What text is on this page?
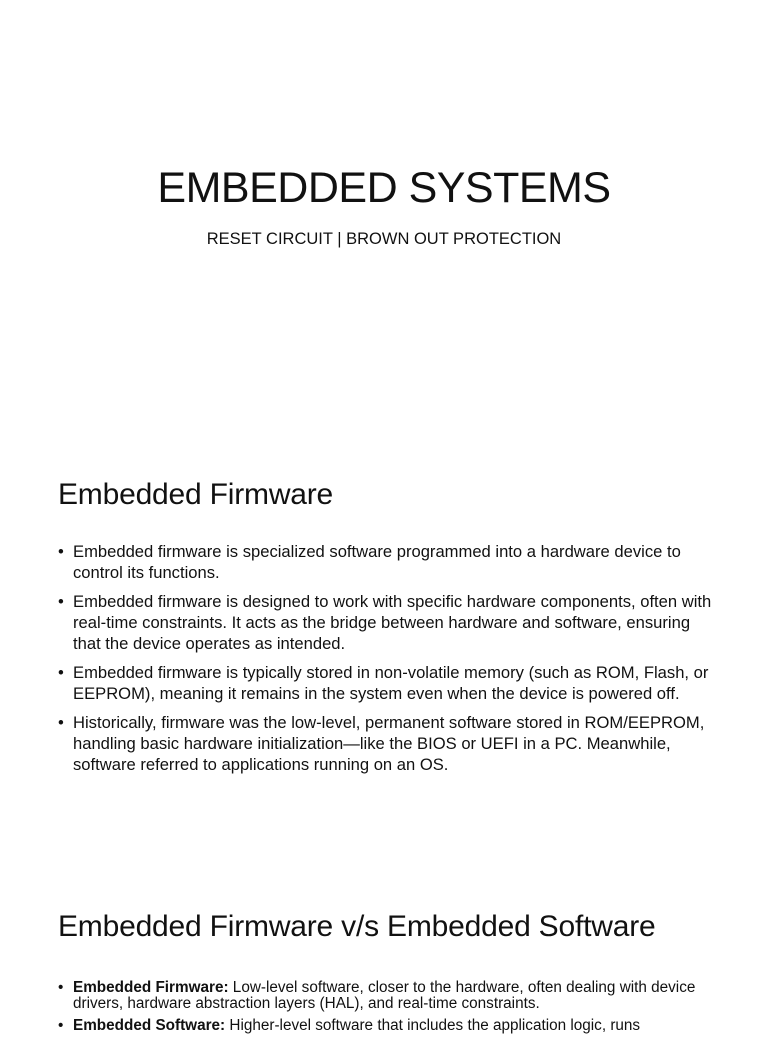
EMBEDDED SYSTEMS

RESET CIRCUIT | BROWN OUT PROTECTION

Embedded Firmware
• Embedded firmware is specialized software programmed into a hardware device to control its functions.
• Embedded firmware is designed to work with specific hardware components, often with real-time constraints. It acts as the bridge between hardware and software, ensuring that the device operates as intended.
• Embedded firmware is typically stored in non-volatile memory (such as ROM, Flash, or EEPROM), meaning it remains in the system even when the device is powered off.
• Historically, firmware was the low-level, permanent software stored in ROM/EEPROM, handling basic hardware initialization—like the BIOS or UEFI in a PC. Meanwhile, software referred to applications running on an OS.
Embedded Firmware v/s Embedded Software
• Embedded Firmware: Low-level software, closer to the hardware, often dealing with device drivers, hardware abstraction layers (HAL), and real-time constraints.
• Embedded Software: Higher-level software that includes the application logic, runs
